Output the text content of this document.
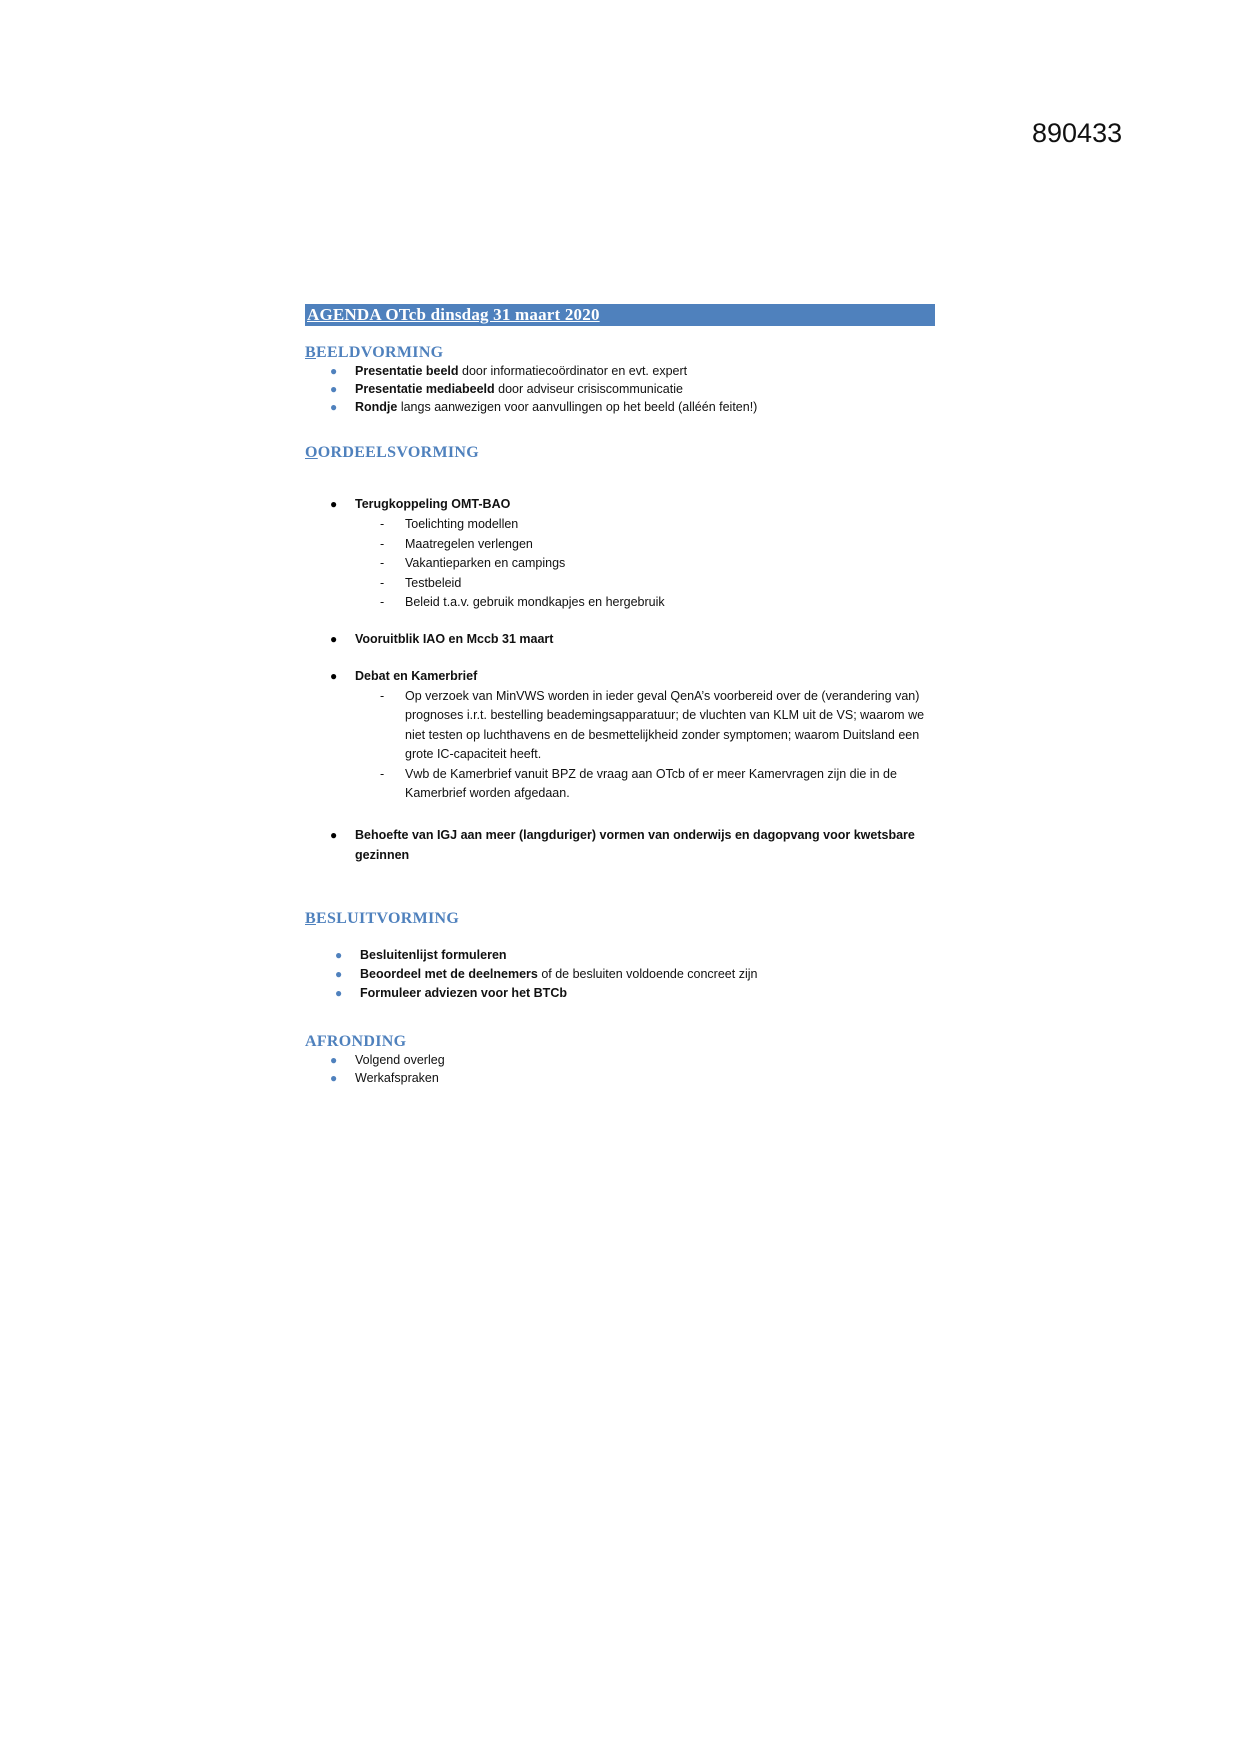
890433
AGENDA OTcb dinsdag 31 maart 2020
BEELDVORMING
● Presentatie beeld door informatiecoördinator en evt. expert
● Presentatie mediabeeld door adviseur crisiscommunicatie
● Rondje langs aanwezigen voor aanvullingen op het beeld (alléén feiten!)
OORDEELSVORMING
● Terugkoppeling OMT-BAO
- Toelichting modellen
- Maatregelen verlengen
- Vakantieparken en campings
- Testbeleid
- Beleid t.a.v. gebruik mondkapjes en hergebruik
● Vooruitblik IAO en Mccb 31 maart
● Debat en Kamerbrief
- Op verzoek van MinVWS worden in ieder geval QenA’s voorbereid over de (verandering van) prognoses i.r.t. bestelling beademingsapparatuur; de vluchten van KLM uit de VS; waarom we niet testen op luchthavens en de besmettelijkheid zonder symptomen; waarom Duitsland een grote IC-capaciteit heeft.
- Vwb de Kamerbrief vanuit BPZ de vraag aan OTcb of er meer Kamervragen zijn die in de Kamerbrief worden afgedaan.
● Behoefte van IGJ aan meer (langduriger) vormen van onderwijs en dagopvang voor kwetsbare gezinnen
BESLUITVORMING
● Besluitenlijst formuleren
● Beoordeel met de deelnemers of de besluiten voldoende concreet zijn
● Formuleer adviezen voor het BTCb
AFRONDING
● Volgend overleg
● Werkafspraken
